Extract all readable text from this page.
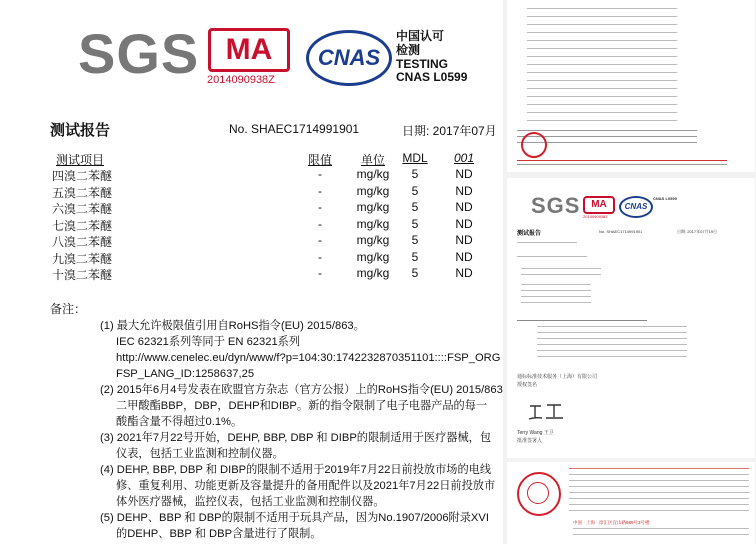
SGS MA
2014090938Z
CNAS
中国认可
检测
TESTING
CNAS L0599
测试报告	No. SHAEC1714991901	日期: 2017年07月
测试项目	限值	单位	MDL	001
四溴二苯醚	-	mg/kg	5	ND
五溴二苯醚	-	mg/kg	5	ND
六溴二苯醚	-	mg/kg	5	ND
七溴二苯醚	-	mg/kg	5	ND
八溴二苯醚	-	mg/kg	5	ND
九溴二苯醚	-	mg/kg	5	ND
十溴二苯醚	-	mg/kg	5	ND
备注：
(1) 最大允许极限值引用自RoHS指令(EU) 2015/863。
IEC 62321系列等同于 EN 62321系列
http://www.cenelec.eu/dyn/www/f?p=104:30:1742232870351101::::FSP_ORG
FSP_LANG_ID:1258637,25
(2) 2015年6月4号发表在欧盟官方杂志（官方公报）上的RoHS指令(EU) 2015/863
二甲酸酯BBP，DBP，DEHP和DIBP。新的指令限制了电子电器产品的每一
酸酯含量不得超过0.1%。
(3) 2021年7月22号开始，DEHP, BBP, DBP 和 DIBP的限制适用于医疗器械，包
仪表，包括工业监测和控制仪器。
(4) DEHP, BBP, DBP 和 DIBP的限制不适用于2019年7月22日前投放市场的电线
修、重复利用、功能更新及容量提升的备用配件以及2021年7月22日前投放市
体外医疗器械，监控仪表，包括工业监测和控制仪器。
(5) DEHP、BBP 和 DBP的限制不适用于玩具产品，因为No.1907/2006附录XVI
的DEHP、BBP 和 DBP含量进行了限制。
SGS	MA
2014090938Z
CNAS
CNAS L0599
测试报告	No. SHAEC1714991901	日期: 2017年07月19日
通标标准技术服务（上海）有限公司
授权签名
Terry Wang 王卫
批准签署人
中国 · 上海 · 徐汇区宜山路889号3号楼
